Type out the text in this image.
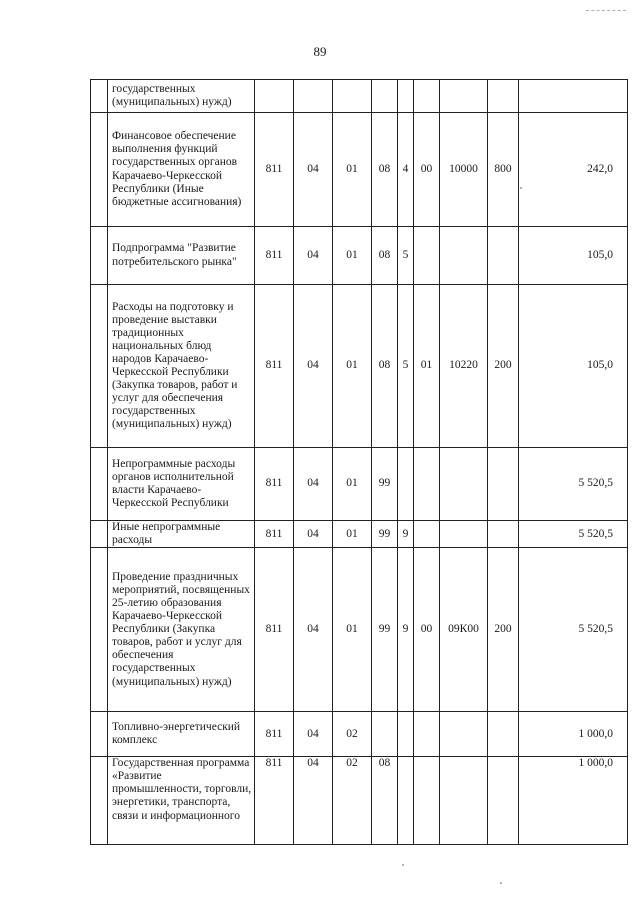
89
	государственных (муниципальных) нужд)									
	Финансовое обеспечение выполнения функций государственных органов Карачаево-Черкесской Республики (Иные бюджетные ассигнования)	811	04	01	08	4	00	10000	800	242,0
	Подпрограмма "Развитие потребительского рынка"	811	04	01	08	5				105,0
	Расходы на подготовку и проведение выставки традиционных национальных блюд народов Карачаево-Черкесской Республики (Закупка товаров, работ и услуг для обеспечения государственных (муниципальных) нужд)	811	04	01	08	5	01	10220	200	105,0
	Непрограммные расходы органов исполнительной власти Карачаево-Черкесской Республики	811	04	01	99					5 520,5
	Иные непрограммные расходы	811	04	01	99	9				5 520,5
	Проведение праздничных мероприятий, посвященных 25-летию образования Карачаево-Черкесской Республики (Закупка товаров, работ и услуг для обеспечения государственных (муниципальных) нужд)	811	04	01	99	9	00	09К00	200	5 520,5
	Топливно-энергетический комплекс	811	04	02						1 000,0
	Государственная программа «Развитие промышленности, торговли, энергетики, транспорта, связи и информационного	811	04	02	08					1 000,0
